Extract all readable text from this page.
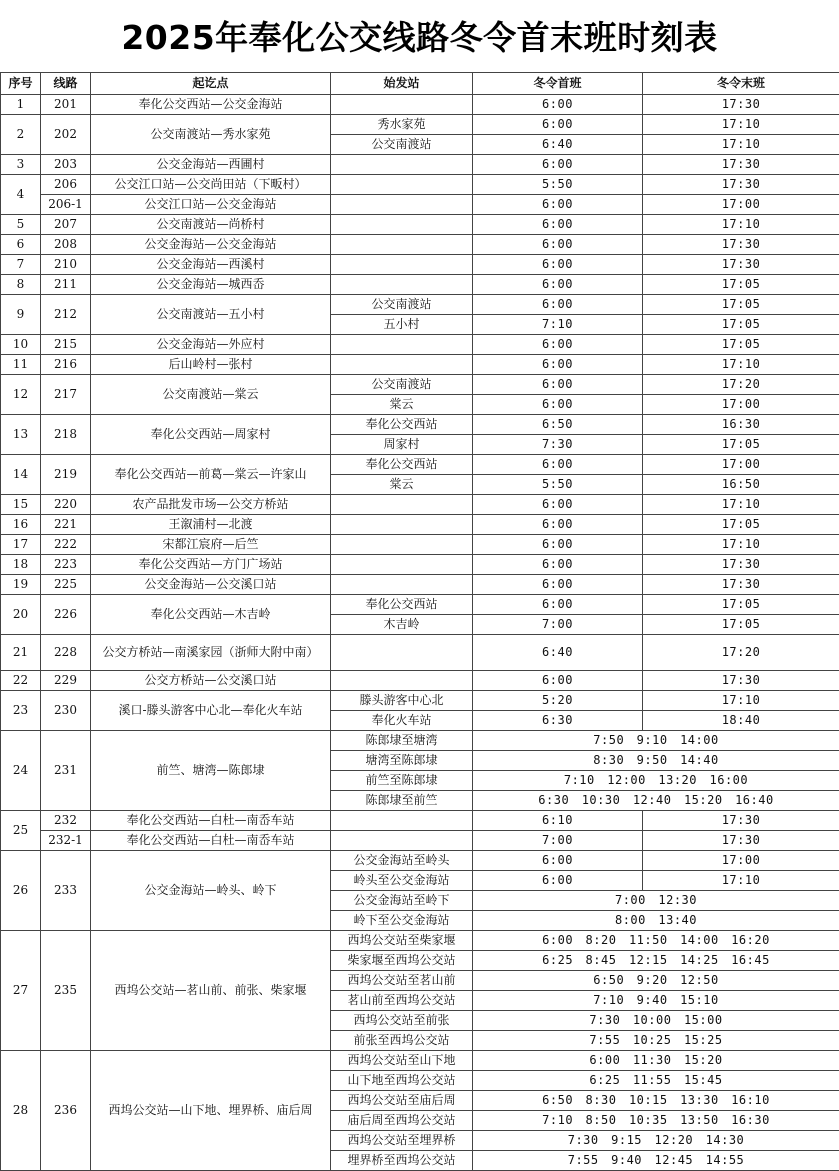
2025年奉化公交线路冬令首末班时刻表
序号	线路	起讫点	始发站	冬令首班	冬令末班
1	201	奉化公交西站—公交金海站		6:00	17:30
2	202	公交南渡站—秀水家苑	秀水家苑	6:00	17:10
			公交南渡站	6:40	17:10
3	203	公交金海站—西圃村		6:00	17:30
4	206	公交江口站—公交尚田站（下畈村）		5:50	17:30
	206-1	公交江口站—公交金海站		6:00	17:00
5	207	公交南渡站—尚桥村		6:00	17:10
6	208	公交金海站—公交金海站		6:00	17:30
7	210	公交金海站—西溪村		6:00	17:30
8	211	公交金海站—城西岙		6:00	17:05
9	212	公交南渡站—五小村	公交南渡站	6:00	17:05
			五小村	7:10	17:05
10	215	公交金海站—外应村		6:00	17:05
11	216	后山岭村—张村		6:00	17:10
12	217	公交南渡站—棠云	公交南渡站	6:00	17:20
			棠云	6:00	17:00
13	218	奉化公交西站—周家村	奉化公交西站	6:50	16:30
			周家村	7:30	17:05
14	219	奉化公交西站—前葛—棠云—许家山	奉化公交西站	6:00	17:00
			棠云	5:50	16:50
15	220	农产品批发市场—公交方桥站		6:00	17:10
16	221	王溆浦村—北渡		6:00	17:05
17	222	宋都江宸府—后竺		6:00	17:10
18	223	奉化公交西站—方门广场站		6:00	17:30
19	225	公交金海站—公交溪口站		6:00	17:30
20	226	奉化公交西站—木吉岭	奉化公交西站	6:00	17:05
			木吉岭	7:00	17:05
21	228	公交方桥站—南溪家园（浙师大附中南）		6:40	17:20
22	229	公交方桥站—公交溪口站		6:00	17:30
23	230	溪口-滕头游客中心北—奉化火车站	滕头游客中心北	5:20	17:10
			奉化火车站	6:30	18:40
24	231	前竺、塘湾—陈郎埭	陈郎埭至塘湾	7:50　9:10　14:00	
			塘湾至陈郎埭	8:30　9:50　14:40	
			前竺至陈郎埭	7:10　12:00　13:20　16:00	
			陈郎埭至前竺	6:30　10:30　12:40　15:20　16:40	
25	232	奉化公交西站—白杜—南岙车站		6:10	17:30
	232-1	奉化公交西站—白杜—南岙车站		7:00	17:30
26	233	公交金海站—岭头、岭下	公交金海站至岭头	6:00	17:00
			岭头至公交金海站	6:00	17:10
			公交金海站至岭下	7:00　12:30	
			岭下至公交金海站	8:00　13:40	
27	235	西坞公交站—茗山前、前张、柴家堰	西坞公交站至柴家堰	6:00　8:20　11:50　14:00　16:20	
			柴家堰至西坞公交站	6:25　8:45　12:15　14:25　16:45	
			西坞公交站至茗山前	6:50　9:20　12:50	
			茗山前至西坞公交站	7:10　9:40　15:10	
			西坞公交站至前张	7:30　10:00　15:00	
			前张至西坞公交站	7:55　10:25　15:25	
28	236	西坞公交站—山下地、埋界桥、庙后周	西坞公交站至山下地	6:00　11:30　15:20	
			山下地至西坞公交站	6:25　11:55　15:45	
			西坞公交站至庙后周	6:50　8:30　10:15　13:30　16:10	
			庙后周至西坞公交站	7:10　8:50　10:35　13:50　16:30	
			西坞公交站至埋界桥	7:30　9:15　12:20　14:30	
			埋界桥至西坞公交站	7:55　9:40　12:45　14:55	
